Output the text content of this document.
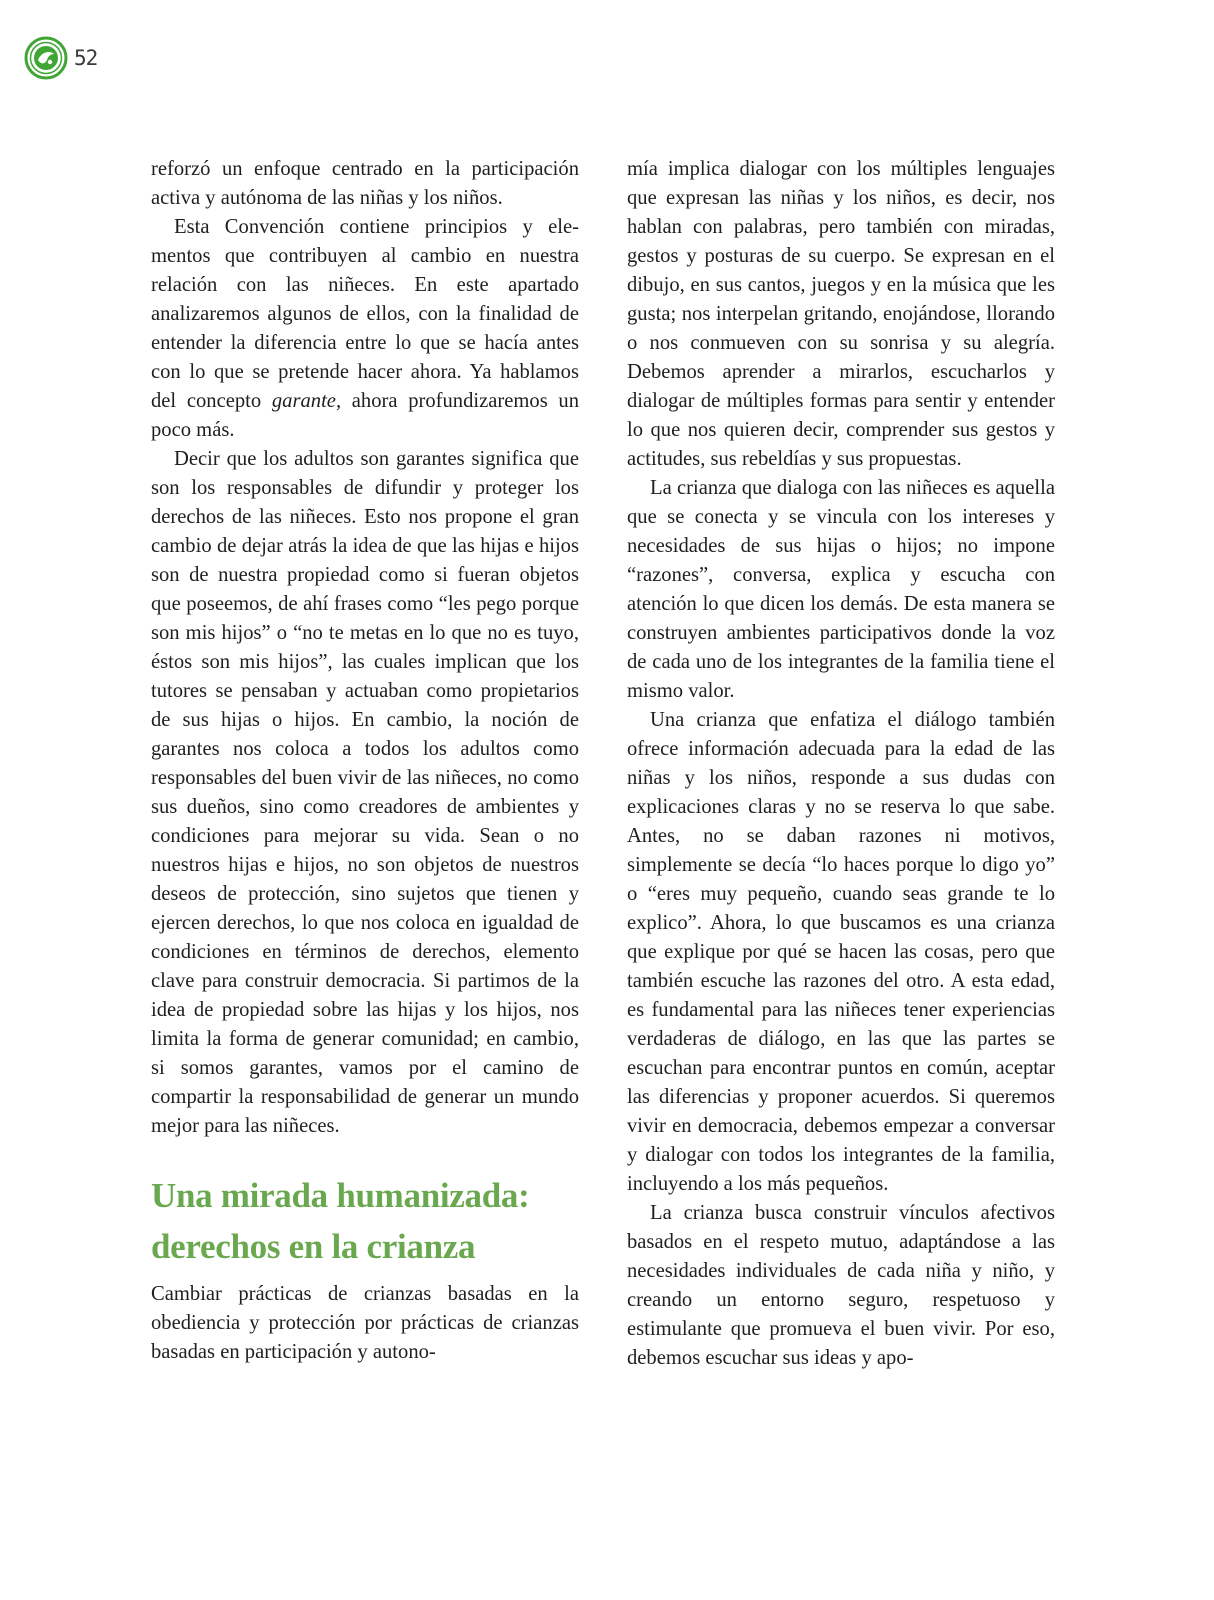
52

reforzó un enfoque centrado en la participación activa y autónoma de las niñas y los niños.

Esta Convención contiene principios y elementos que contribuyen al cambio en nuestra relación con las niñeces. En este apartado analizaremos algunos de ellos, con la finalidad de entender la diferencia entre lo que se hacía antes con lo que se pretende hacer ahora. Ya hablamos del concepto garante, ahora profundizaremos un poco más.

Decir que los adultos son garantes significa que son los responsables de difundir y proteger los derechos de las niñeces. Esto nos propone el gran cambio de dejar atrás la idea de que las hijas e hijos son de nuestra propiedad como si fueran objetos que poseemos, de ahí frases como “les pego porque son mis hijos” o “no te metas en lo que no es tuyo, éstos son mis hijos”, las cuales implican que los tutores se pensaban y actuaban como propietarios de sus hijas o hijos. En cambio, la noción de garantes nos coloca a todos los adultos como responsables del buen vivir de las niñeces, no como sus dueños, sino como creadores de ambientes y condiciones para mejorar su vida. Sean o no nuestros hijas e hijos, no son objetos de nuestros deseos de protección, sino sujetos que tienen y ejercen derechos, lo que nos coloca en igualdad de condiciones en términos de derechos, elemento clave para construir democracia. Si partimos de la idea de propiedad sobre las hijas y los hijos, nos limita la forma de generar comunidad; en cambio, si somos garantes, vamos por el camino de compartir la responsabilidad de generar un mundo mejor para las niñeces.

Una mirada humanizada: derechos en la crianza

Cambiar prácticas de crianzas basadas en la obediencia y protección por prácticas de crianzas basadas en participación y autono-

mía implica dialogar con los múltiples lenguajes que expresan las niñas y los niños, es decir, nos hablan con palabras, pero también con miradas, gestos y posturas de su cuerpo. Se expresan en el dibujo, en sus cantos, juegos y en la música que les gusta; nos interpelan gritando, enojándose, llorando o nos conmueven con su sonrisa y su alegría. Debemos aprender a mirarlos, escucharlos y dialogar de múltiples formas para sentir y entender lo que nos quieren decir, comprender sus gestos y actitudes, sus rebeldías y sus propuestas.

La crianza que dialoga con las niñeces es aquella que se conecta y se vincula con los intereses y necesidades de sus hijas o hijos; no impone “razones”, conversa, explica y escucha con atención lo que dicen los demás. De esta manera se construyen ambientes participativos donde la voz de cada uno de los integrantes de la familia tiene el mismo valor.

Una crianza que enfatiza el diálogo también ofrece información adecuada para la edad de las niñas y los niños, responde a sus dudas con explicaciones claras y no se reserva lo que sabe. Antes, no se daban razones ni motivos, simplemente se decía “lo haces porque lo digo yo” o “eres muy pequeño, cuando seas grande te lo explico”. Ahora, lo que buscamos es una crianza que explique por qué se hacen las cosas, pero que también escuche las razones del otro. A esta edad, es fundamental para las niñeces tener experiencias verdaderas de diálogo, en las que las partes se escuchan para encontrar puntos en común, aceptar las diferencias y proponer acuerdos. Si queremos vivir en democracia, debemos empezar a conversar y dialogar con todos los integrantes de la familia, incluyendo a los más pequeños.

La crianza busca construir vínculos afectivos basados en el respeto mutuo, adaptándose a las necesidades individuales de cada niña y niño, y creando un entorno seguro, respetuoso y estimulante que promueva el buen vivir. Por eso, debemos escuchar sus ideas y apo-
